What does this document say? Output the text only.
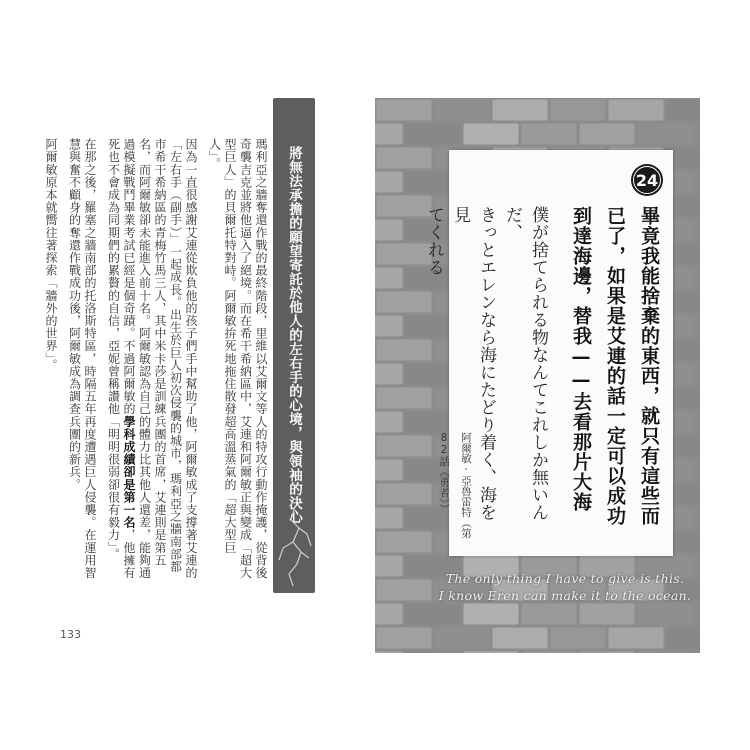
將無法承擔的願望寄託於他人的左右手的心境，與領袖的決心

瑪利亞之牆奪還作戰的最終階段，里維以艾爾文等人的特攻行動作掩護，從背後奇襲吉克並將他逼入了絕境。而在希干希納區中，艾連和阿爾敏正與變成「超大型巨人」的貝爾托特對峙。阿爾敏拚死地拖住散發超高溫蒸氣的「超大型巨人」。

因為一直很感謝艾連從欺負他的孩子們手中幫助了他，阿爾敏成了支撐著艾連的「左右手（副手）」一起成長。出生於巨人初次侵襲的城市，瑪利亞之牆南部都市希干希納區的青梅竹馬三人，其中米卡莎是訓練兵團的首席，艾連則是第五名，而阿爾敏卻未能進入前十名。阿爾敏認為自己的體力比其他人還差，能夠通過模擬戰鬥畢業考試已經是個奇蹟。不過阿爾敏的學科成績卻是第一名，他擁有死也不會成為同期們的累贅的自信，亞妮曾稱讚他「明明很弱卻很有毅力」。

在那之後，羅塞之牆南部的托洛斯特區，時隔五年再度遭遇巨人侵襲。在運用智慧與奮不顧身的奪還作戰成功後，阿爾敏成為調查兵團的新兵。

阿爾敏原本就嚮往著探索「牆外的世界」。

133
24
畢竟我能捨棄的東西，就只有這些而
已了，如果是艾連的話一定可以成功
到達海邊，替我——去看那片大海
僕が捨てられる物なんてこれしか無いんだ、
きっとエレンなら海にたどり着く、海を見
てくれる
阿爾敏·亞魯雷特（第82話《勇者》）
The only thing I have to give is this.
I know Eren can make it to the ocean.
